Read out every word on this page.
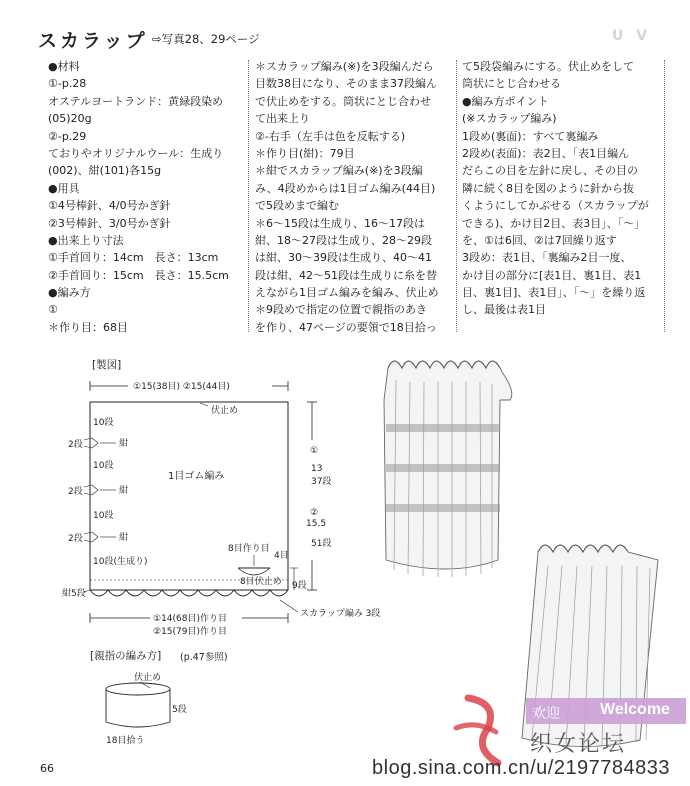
スカラップ ⇨写真28、29ページ	U V
●材料
①-p.28
オステルヨートランド：黄緑段染め
(05)20g
②-p.29
ておりやオリジナルウール：生成り
(002)、紺(101)各15g
●用具
①4号棒針、4/0号かぎ針
②3号棒針、3/0号かぎ針
●出来上り寸法
①手首回り：14cm　長さ：13cm
②手首回り：15cm　長さ：15.5cm
●編み方
①
＊作り目：68目
＊スカラップ編み(※)を3段編んだら
目数38目になり、そのまま37段編ん
で伏止めをする。筒状にとじ合わせ
て出来上り
②-右手（左手は色を反転する)
＊作り目(紺)：79目
＊紺でスカラップ編み(※)を3段編
み、4段めからは1目ゴム編み(44目)
で5段めまで編む
＊6～15段は生成り、16～17段は
紺、18～27段は生成り、28～29段
は紺、30～39段は生成り、40～41
段は紺、42～51段は生成りに糸を替
えながら1目ゴム編みを編み、伏止め
＊9段めで指定の位置で親指のあき
を作り、47ページの要領で18目拾っ
て5段袋編みにする。伏止めをして
筒状にとじ合わせる
●編み方ポイント
(※スカラップ編み)
1段め(裏面)：すべて裏編み
2段め(表面)：表2目、「表1目編ん
だらこの目を左針に戻し、その目の
隣に続く8目を図のように針から抜
くようにしてかぶせる（スカラップが
できる)、かけ目2目、表3目」、「～」
を、①は6回、②は7回繰り返す
3段め：表1目、「裏編み2目一度、
かけ目の部分に[表1目、裏1目、表1
目、裏1目]、表1目」、「～」を繰り返
し、最後は表1目
[製図]
①15(38目) ②15(44目)
伏止め
10段
10段
10段
10段(生成り)
2段
2段
2段
紺
紺
紺
1目ゴム編み
紺5段
①
13
37段
②
15.5
51段
8目作り目
4目
8目伏止め 9段
①14(68目)作り目
②15(79目)作り目
スカラップ編み 3段
伏止め
5段
18目拾う
[親指の編み方] (p.47参照)
欢迎	Welcome
织女论坛
66	blog.sina.com.cn/u/2197784833
